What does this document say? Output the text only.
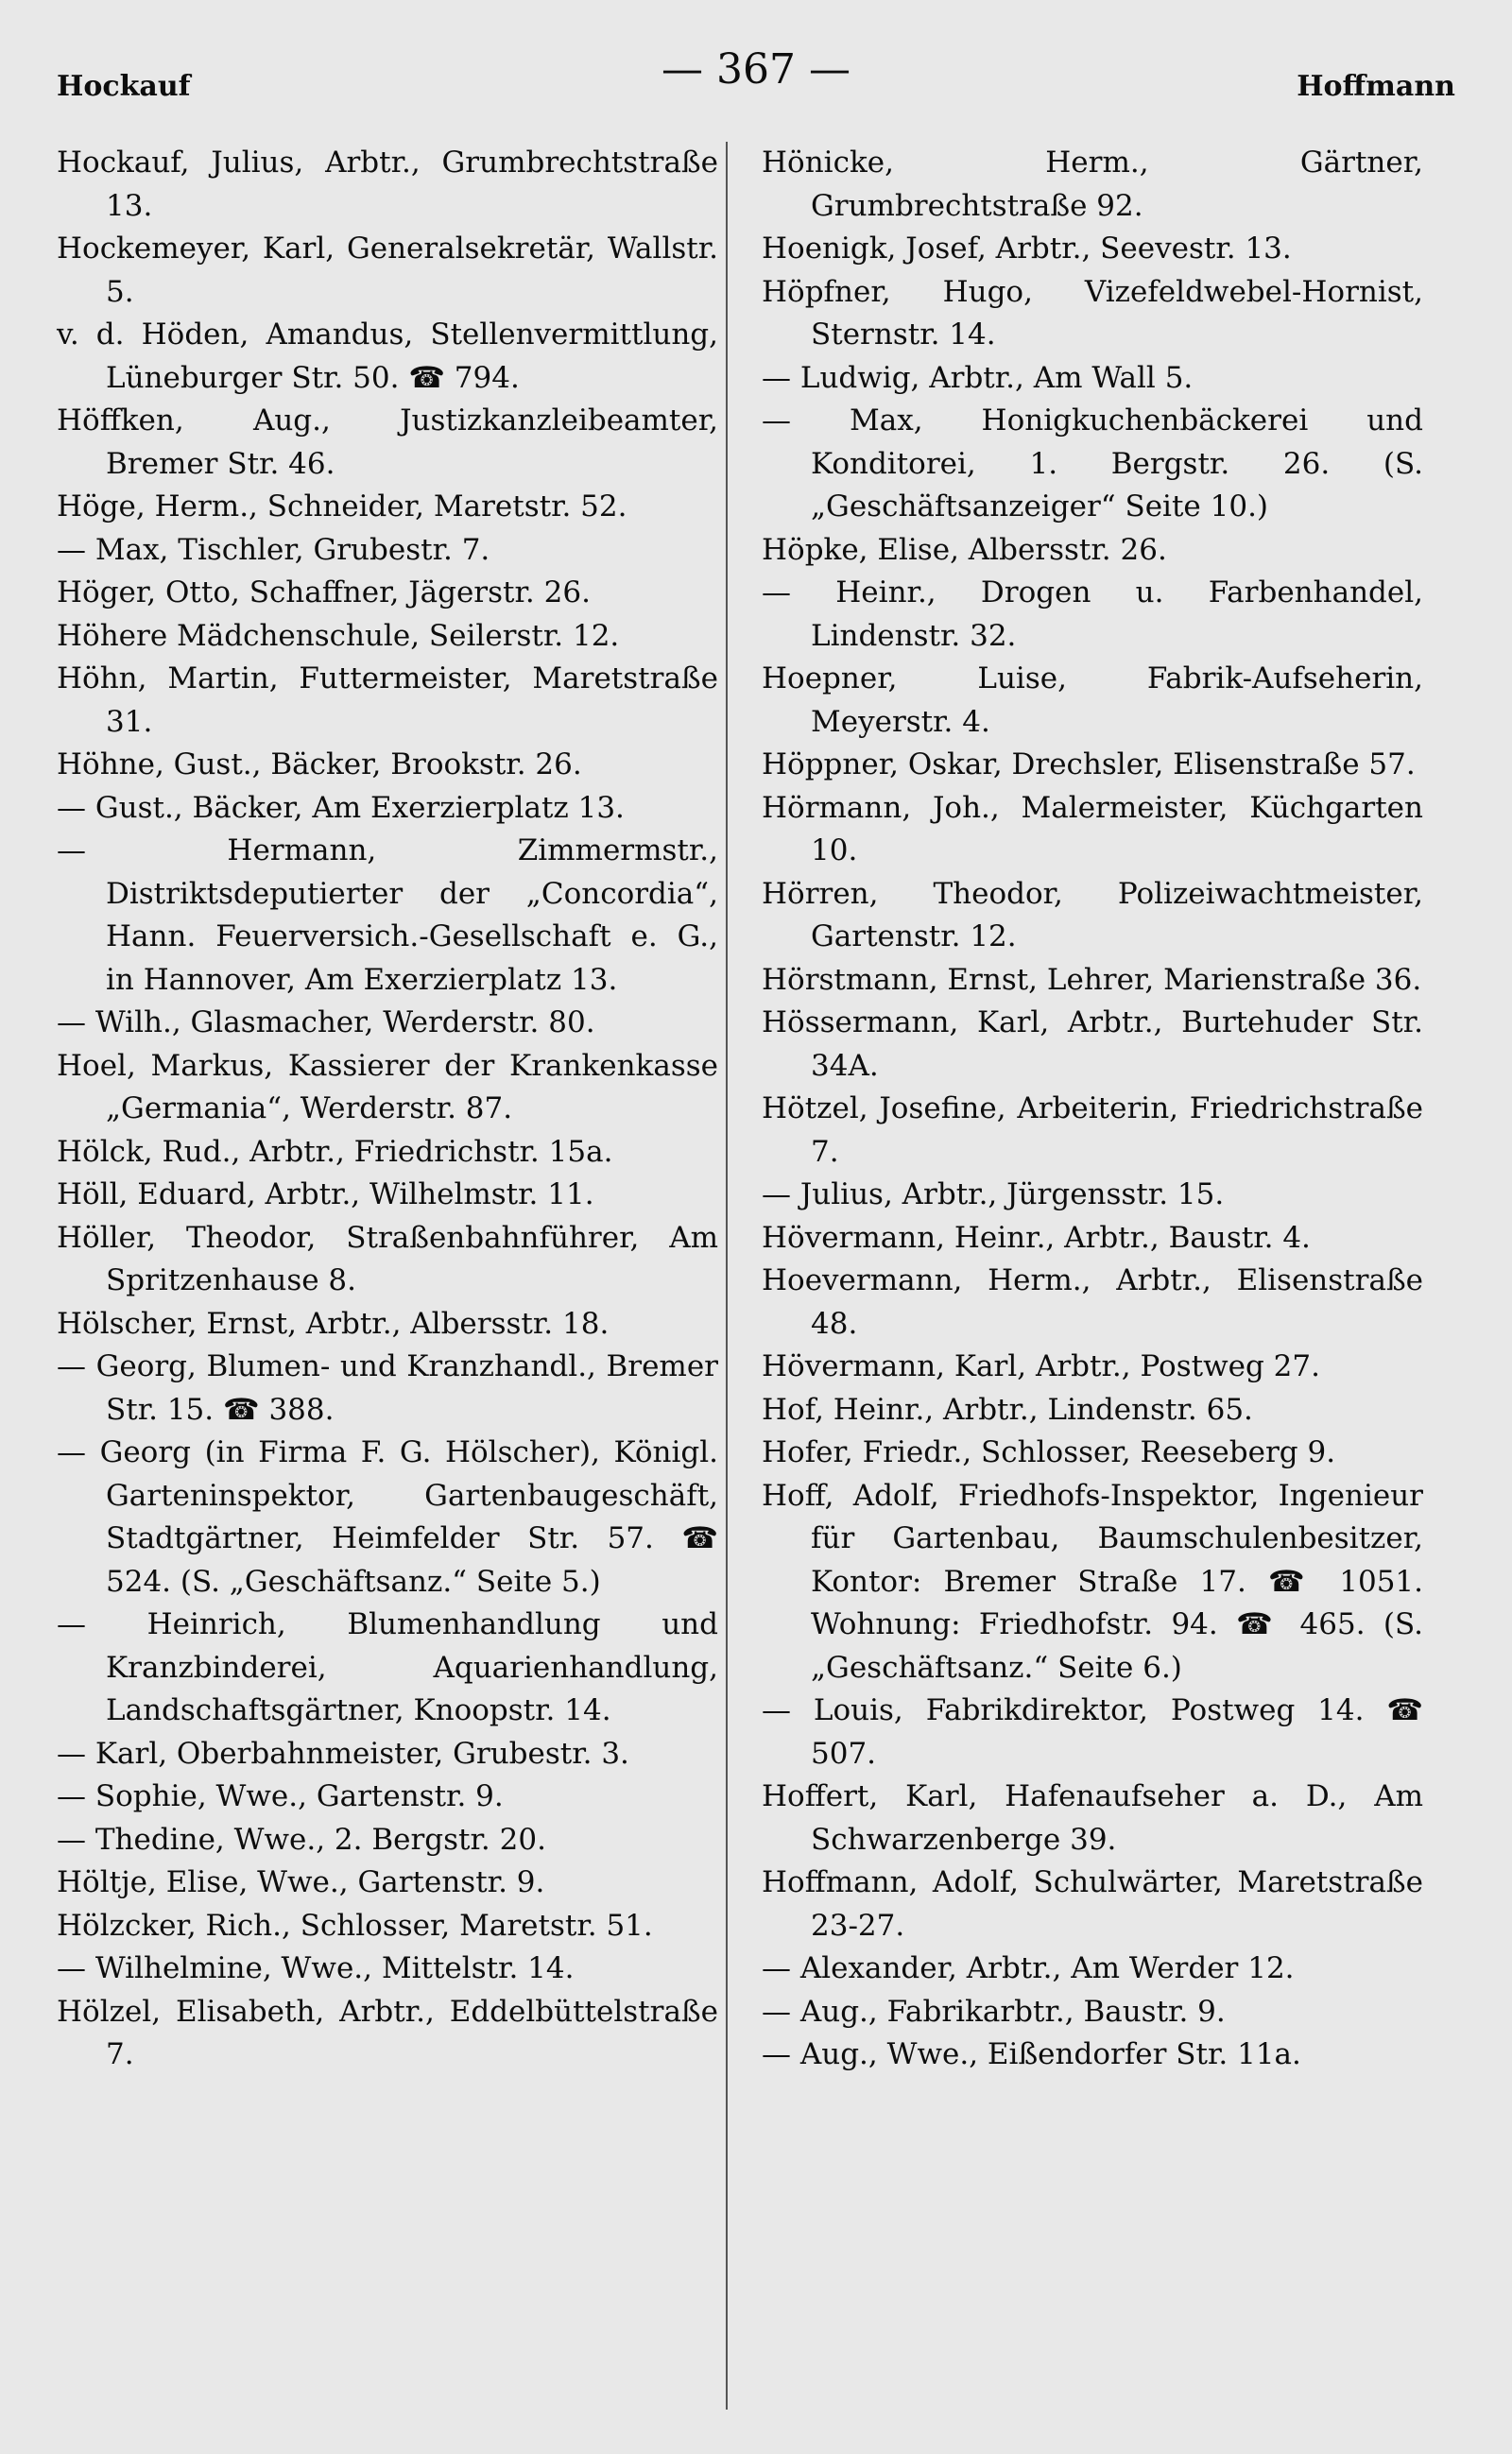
Hockauf	— 367 —	Hoffmann

Hockauf, Julius, Arbtr., Grumbrechtstraße 13.

Hockemeyer, Karl, Generalsekretär, Wallstr. 5.

v. d. Höden, Amandus, Stellenvermittlung, Lüneburger Str. 50. ☎ 794.

Höffken, Aug., Justizkanzleibeamter, Bremer Str. 46.

Höge, Herm., Schneider, Maretstr. 52.

— Max, Tischler, Grubestr. 7.

Höger, Otto, Schaffner, Jägerstr. 26.

Höhere Mädchenschule, Seilerstr. 12.

Höhn, Martin, Futtermeister, Maretstraße 31.

Höhne, Gust., Bäcker, Brookstr. 26.

— Gust., Bäcker, Am Exerzierplatz 13.

— Hermann, Zimmermstr., Distriktsdeputierter der „Concordia“, Hann. Feuerversich.-Gesellschaft e. G., in Hannover, Am Exerzierplatz 13.

— Wilh., Glasmacher, Werderstr. 80.

Hoel, Markus, Kassierer der Krankenkasse „Germania“, Werderstr. 87.

Hölck, Rud., Arbtr., Friedrichstr. 15a.

Höll, Eduard, Arbtr., Wilhelmstr. 11.

Höller, Theodor, Straßenbahnführer, Am Spritzenhause 8.

Hölscher, Ernst, Arbtr., Albersstr. 18.

— Georg, Blumen- und Kranzhandl., Bremer Str. 15. ☎ 388.

— Georg (in Firma F. G. Hölscher), Königl. Garteninspektor, Gartenbaugeschäft, Stadtgärtner, Heimfelder Str. 57. ☎ 524. (S. „Geschäftsanz.“ Seite 5.)

— Heinrich, Blumenhandlung und Kranzbinderei, Aquarienhandlung, Landschaftsgärtner, Knoopstr. 14.

— Karl, Oberbahnmeister, Grubestr. 3.

— Sophie, Wwe., Gartenstr. 9.

— Thedine, Wwe., 2. Bergstr. 20.

Höltje, Elise, Wwe., Gartenstr. 9.

Hölzcker, Rich., Schlosser, Maretstr. 51.

— Wilhelmine, Wwe., Mittelstr. 14.

Hölzel, Elisabeth, Arbtr., Eddelbüttelstraße 7.

Hönicke, Herm., Gärtner, Grumbrechtstraße 92.

Hoenigk, Josef, Arbtr., Seevestr. 13.

Höpfner, Hugo, Vizefeldwebel-Hornist, Sternstr. 14.

— Ludwig, Arbtr., Am Wall 5.

— Max, Honigkuchenbäckerei und Konditorei, 1. Bergstr. 26. (S. „Geschäftsanzeiger“ Seite 10.)

Höpke, Elise, Albersstr. 26.

— Heinr., Drogen u. Farbenhandel, Lindenstr. 32.

Hoepner, Luise, Fabrik-Aufseherin, Meyerstr. 4.

Höppner, Oskar, Drechsler, Elisenstraße 57.

Hörmann, Joh., Malermeister, Küchgarten 10.

Hörren, Theodor, Polizeiwachtmeister, Gartenstr. 12.

Hörstmann, Ernst, Lehrer, Marienstraße 36.

Hössermann, Karl, Arbtr., Burtehuder Str. 34A.

Hötzel, Josefine, Arbeiterin, Friedrichstraße 7.

— Julius, Arbtr., Jürgensstr. 15.

Hövermann, Heinr., Arbtr., Baustr. 4.

Hoevermann, Herm., Arbtr., Elisenstraße 48.

Hövermann, Karl, Arbtr., Postweg 27.

Hof, Heinr., Arbtr., Lindenstr. 65.

Hofer, Friedr., Schlosser, Reeseberg 9.

Hoff, Adolf, Friedhofs-Inspektor, Ingenieur für Gartenbau, Baumschulenbesitzer, Kontor: Bremer Straße 17. ☎ 1051. Wohnung: Friedhofstr. 94. ☎ 465. (S. „Geschäftsanz.“ Seite 6.)

— Louis, Fabrikdirektor, Postweg 14. ☎ 507.

Hoffert, Karl, Hafenaufseher a. D., Am Schwarzenberge 39.

Hoffmann, Adolf, Schulwärter, Maretstraße 23-27.

— Alexander, Arbtr., Am Werder 12.

— Aug., Fabrikarbtr., Baustr. 9.

— Aug., Wwe., Eißendorfer Str. 11a.
